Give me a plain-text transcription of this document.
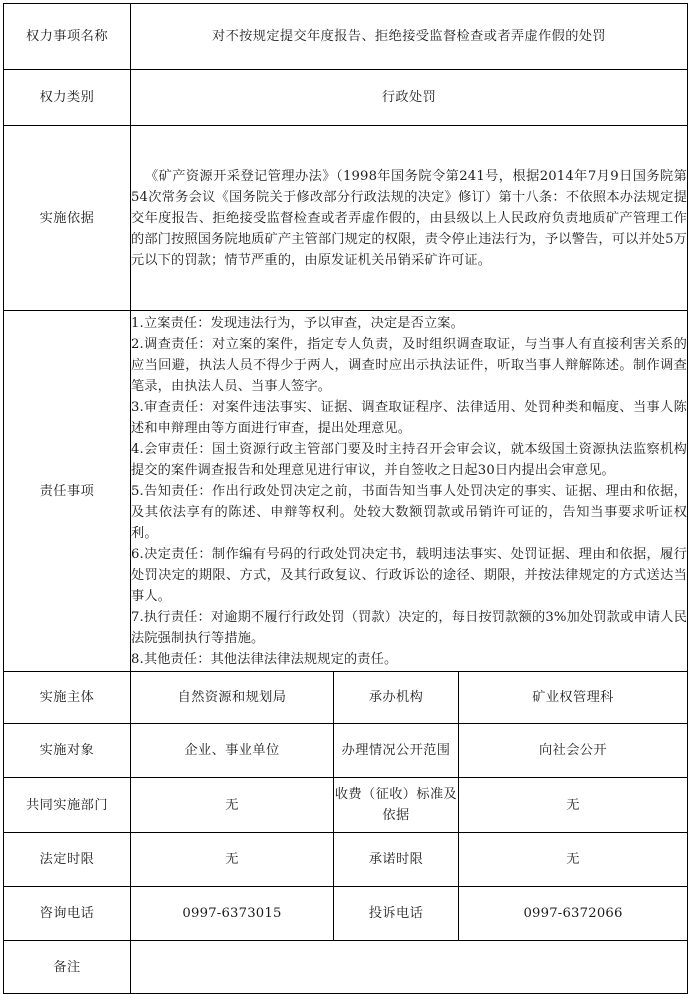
权力事项名称	对不按规定提交年度报告、拒绝接受监督检查或者弄虚作假的处罚		
权力类别	行政处罚		
实施依据	《矿产资源开采登记管理办法》（1998年国务院令第241号，根据2014年7月9日国务院第54次常务会议《国务院关于修改部分行政法规的决定》修订）第十八条：不依照本办法规定提交年度报告、拒绝接受监督检查或者弄虚作假的，由县级以上人民政府负责地质矿产管理工作的部门按照国务院地质矿产主管部门规定的权限，责令停止违法行为，予以警告，可以并处5万元以下的罚款；情节严重的，由原发证机关吊销采矿许可证。		
责任事项	
1.立案责任：发现违法行为，予以审查，决定是否立案。
2.调查责任：对立案的案件，指定专人负责，及时组织调查取证，与当事人有直接利害关系的应当回避，执法人员不得少于两人，调查时应出示执法证件，听取当事人辩解陈述。制作调查笔录，由执法人员、当事人签字。
3.审查责任：对案件违法事实、证据、调查取证程序、法律适用、处罚种类和幅度、当事人陈述和申辩理由等方面进行审查，提出处理意见。
4.会审责任：国土资源行政主管部门要及时主持召开会审会议，就本级国土资源执法监察机构提交的案件调查报告和处理意见进行审议，并自签收之日起30日内提出会审意见。
5.告知责任：作出行政处罚决定之前，书面告知当事人处罚决定的事实、证据、理由和依据，及其依法享有的陈述、申辩等权利。处较大数额罚款或吊销许可证的，告知当事要求听证权利。
6.决定责任：制作编有号码的行政处罚决定书，载明违法事实、处罚证据、理由和依据，履行处罚决定的期限、方式，及其行政复议、行政诉讼的途径、期限，并按法律规定的方式送达当事人。
7.执行责任：对逾期不履行行政处罚（罚款）决定的，每日按罚款额的3%加处罚款或申请人民法院强制执行等措施。
8.其他责任：其他法律法律法规规定的责任。

实施主体	自然资源和规划局	承办机构	矿业权管理科
实施对象	企业、事业单位	办理情况公开范围	向社会公开
共同实施部门	无	收费（征收）标准及依据	无
法定时限	无	承诺时限	无
咨询电话	0997-6373015	投诉电话	0997-6372066
备注			
